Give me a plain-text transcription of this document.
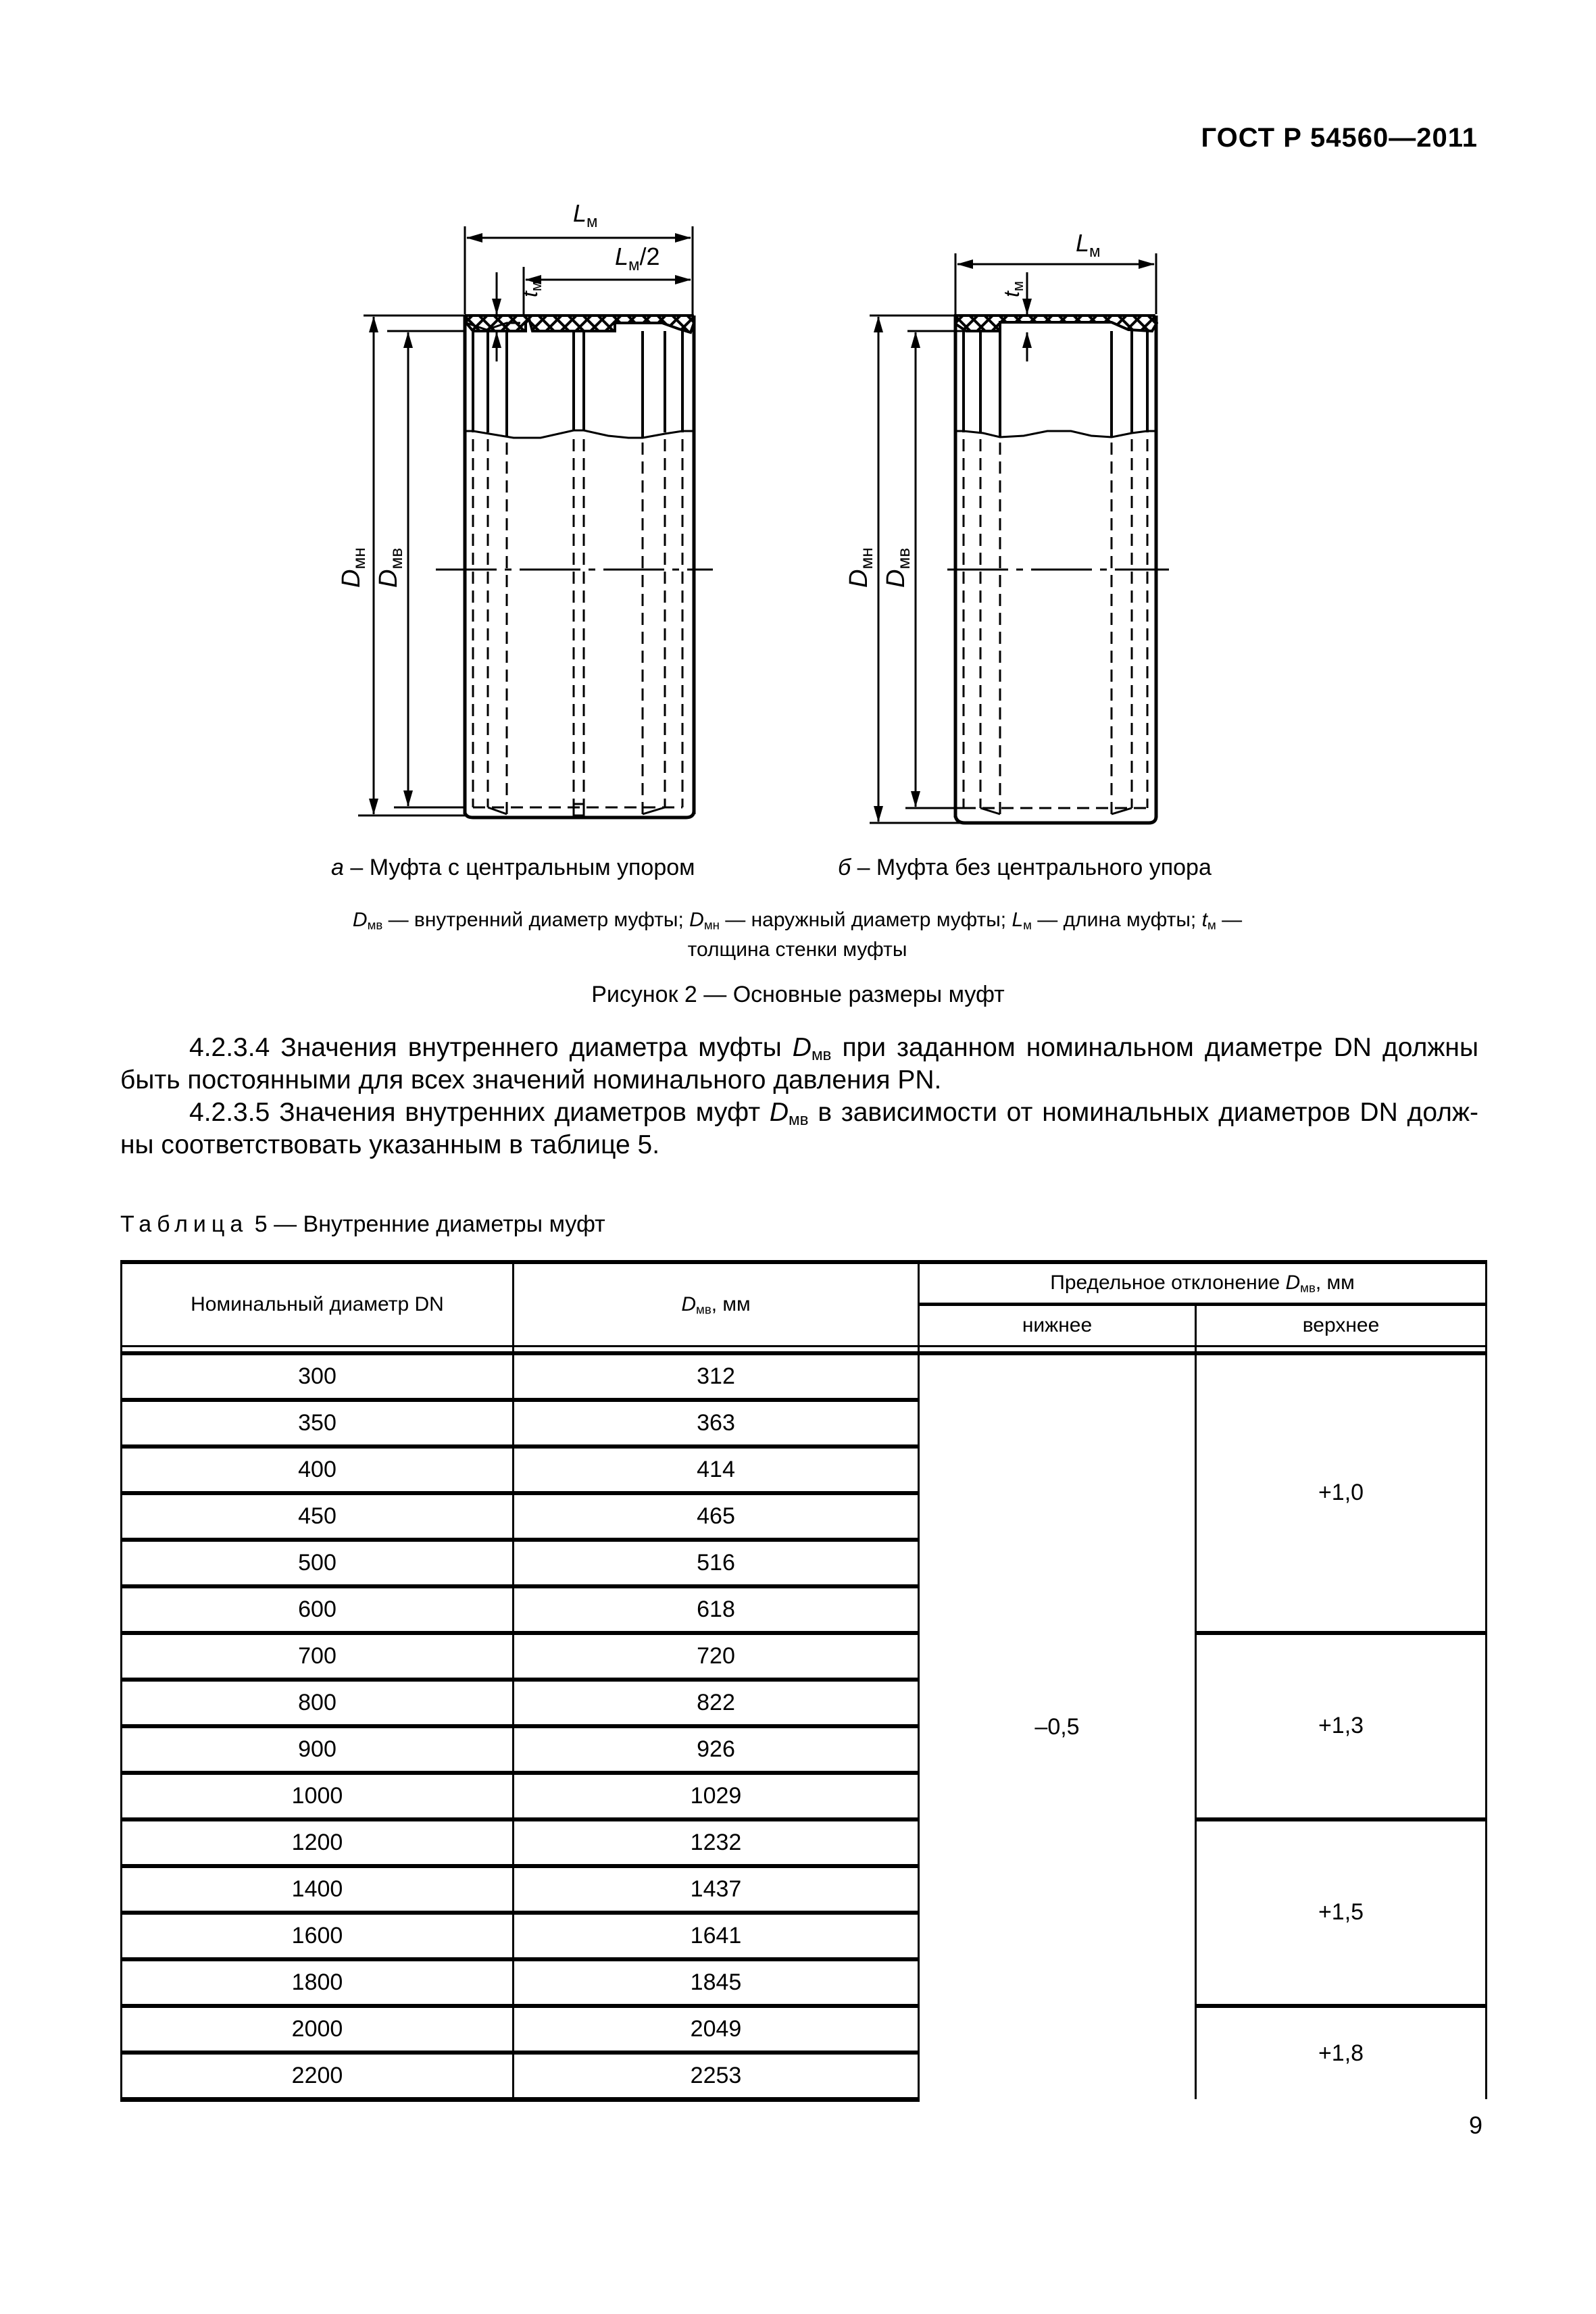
ГОСТ Р 54560—2011
$L_м$
$L_м/2$
tм
$D_{мн}$
$D_{мв}$
$L_м$
tм
$D_{мн}$
$D_{мв}$
а – Муфта с центральным упором	б – Муфта без центрального упора
$D_{мв}$ — внутренний диаметр муфты; $D_{мн}$ — наружный диаметр муфты; $L_м$ — длина муфты; $t_м$ — толщина стенки муфты
Рисунок 2 — Основные размеры муфт
4.2.3.4 Значения внутреннего диаметра муфты $D_{мв}$ при заданном номинальном диаметре DN должны быть постоянными для всех значений номинального давления PN.
4.2.3.5 Значения внутренних диаметров муфт $D_{мв}$ в зависимости от номинальных диаметров DN должны соответствовать указанным в таблице 5.
Таблица 5 — Внутренние диаметры муфт
Номинальный диаметр DN	$D_{мв}$, мм	Предельное отклонение $D_{мв}$, мм	
		нижнее	верхнее

300	312	–0,5	+1,0
350	363		
400	414		
450	465		
500	516		
600	618		
700	720		+1,3
800	822		
900	926		
1000	1029		
1200	1232		+1,5
1400	1437		
1600	1641		
1800	1845		
2000	2049		+1,8
2200	2253		
9
